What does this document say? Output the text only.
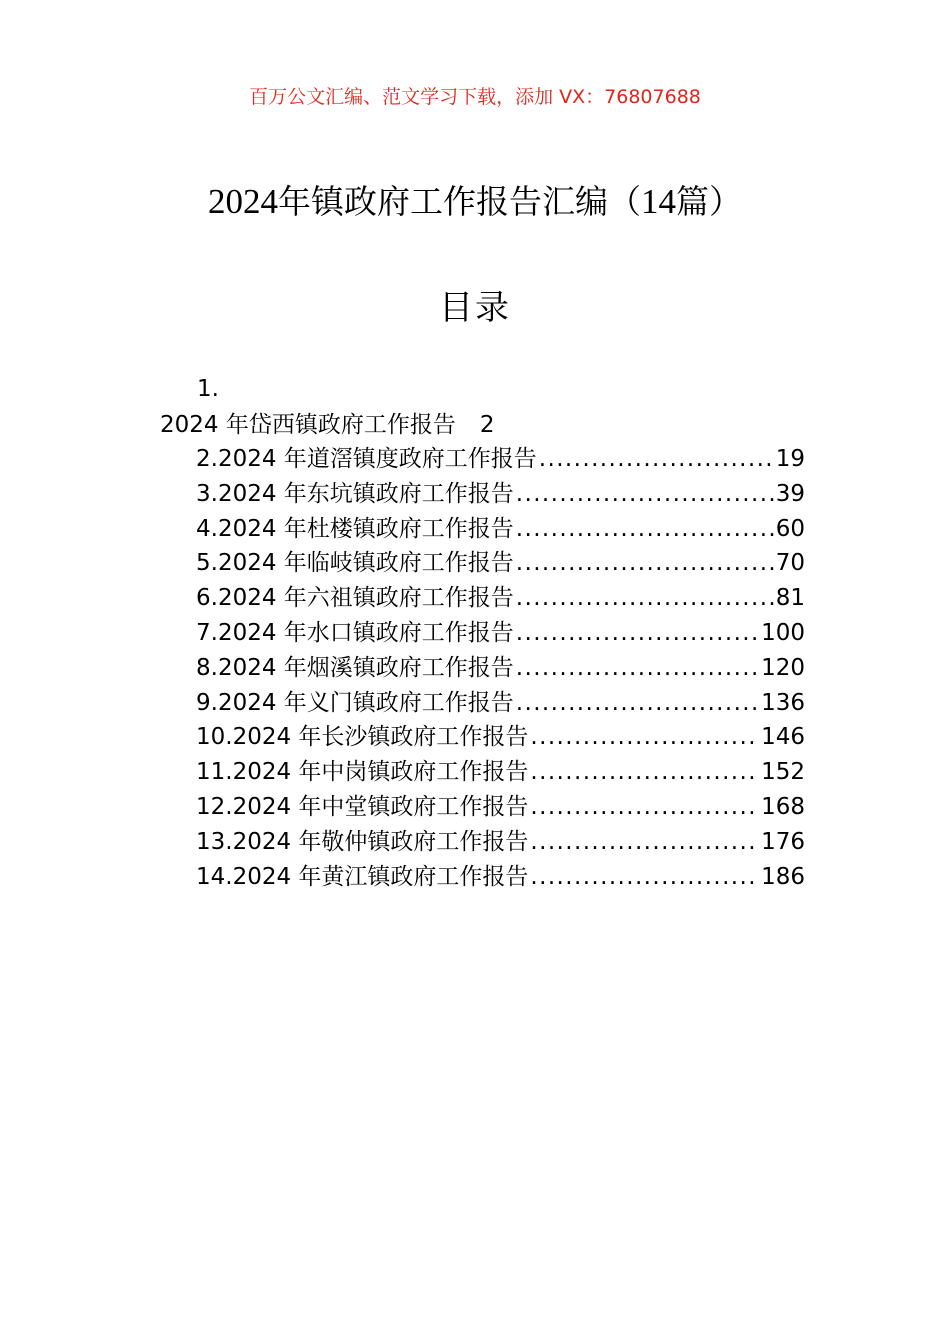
百万公文汇编、范文学习下载，添加 VX：76807688
2024年镇政府工作报告汇编（14篇）
目录
1.
2024 年岱西镇政府工作报告 2
2.2024 年道滘镇度政府工作报告 .....	19
3.2024 年东坑镇政府工作报告 .....	39
4.2024 年杜楼镇政府工作报告 .....	60
5.2024 年临岐镇政府工作报告 .....	70
6.2024 年六祖镇政府工作报告 .....	81
7.2024 年水口镇政府工作报告 .....	100
8.2024 年烟溪镇政府工作报告 .....	120
9.2024 年义门镇政府工作报告 .....	136
10.2024 年长沙镇政府工作报告 .....	146
11.2024 年中岗镇政府工作报告 .....	152
12.2024 年中堂镇政府工作报告 .....	168
13.2024 年敬仲镇政府工作报告 .....	176
14.2024 年黄江镇政府工作报告 .....	186
